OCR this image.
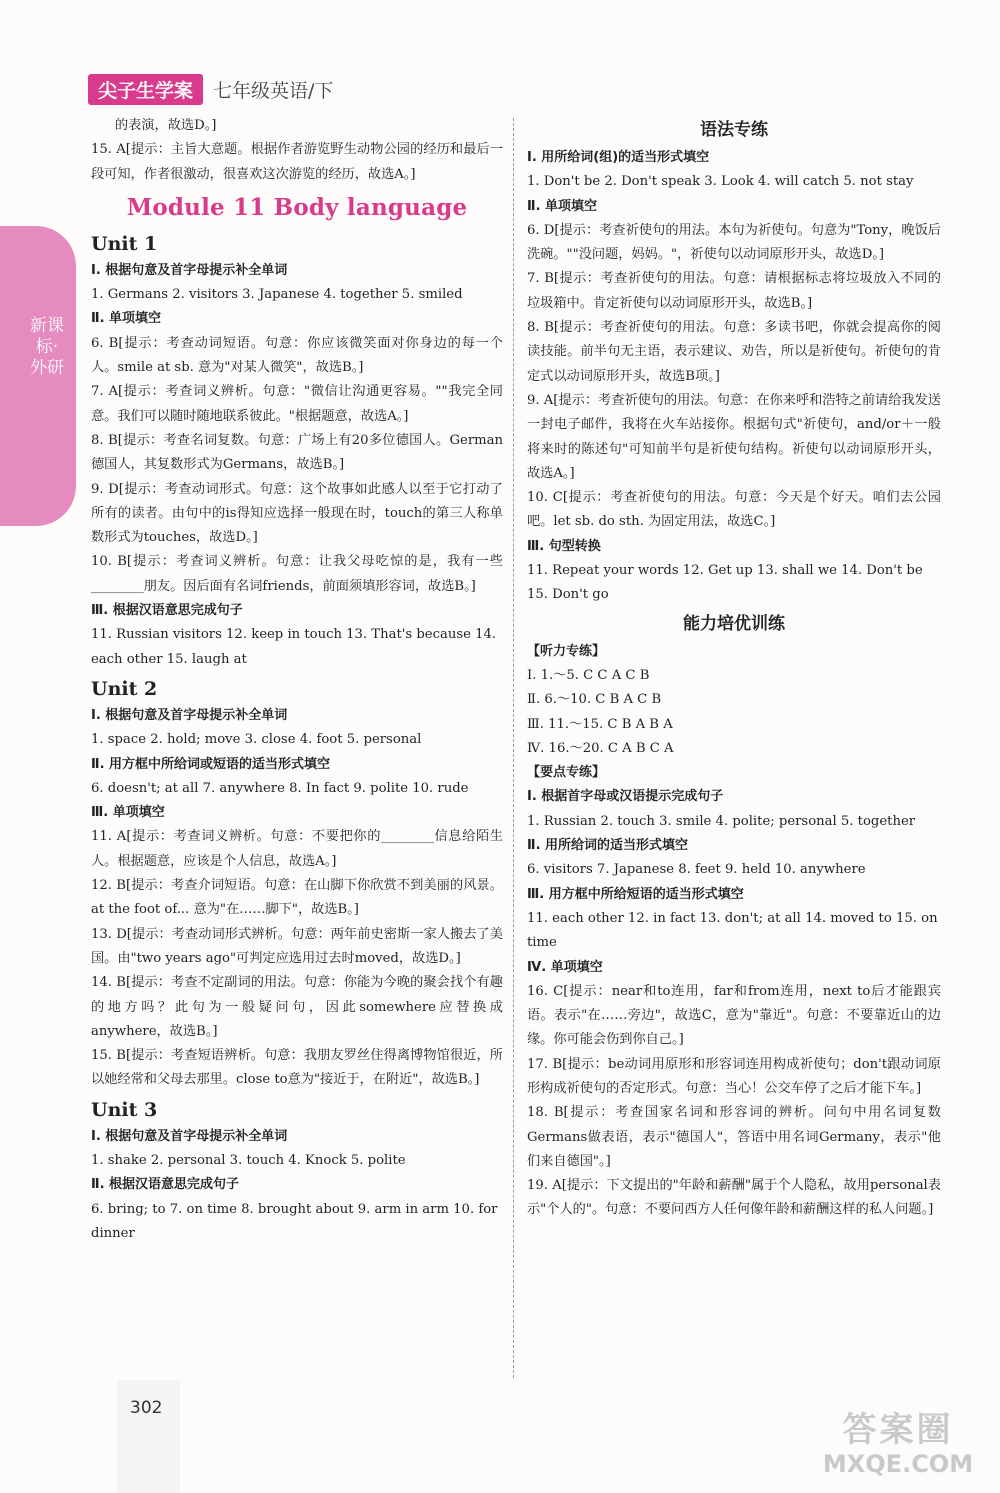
尖子生学案	七年级英语/下
新课标·外研

的表演，故选D。]

15. A[提示：主旨大意题。根据作者游览野生动物公园的经历和最后一段可知，作者很激动，很喜欢这次游览的经历，故选A。]

Module 11 Body language
Unit 1

Ⅰ. 根据句意及首字母提示补全单词

1. Germans 2. visitors 3. Japanese 4. together 5. smiled

Ⅱ. 单项填空

6. B[提示：考查动词短语。句意：你应该微笑面对你身边的每一个人。smile at sb. 意为"对某人微笑"，故选B。]

7. A[提示：考查词义辨析。句意："微信让沟通更容易。""我完全同意。我们可以随时随地联系彼此。"根据题意，故选A。]

8. B[提示：考查名词复数。句意：广场上有20多位德国人。German德国人，其复数形式为Germans，故选B。]

9. D[提示：考查动词形式。句意：这个故事如此感人以至于它打动了所有的读者。由句中的is得知应选择一般现在时，touch的第三人称单数形式为touches，故选D。]

10. B[提示：考查词义辨析。句意：让我父母吃惊的是，我有一些________朋友。因后面有名词friends，前面须填形容词，故选B。]

Ⅲ. 根据汉语意思完成句子

11. Russian visitors 12. keep in touch 13. That's because 14. each other 15. laugh at

Unit 2

Ⅰ. 根据句意及首字母提示补全单词

1. space 2. hold; move 3. close 4. foot 5. personal

Ⅱ. 用方框中所给词或短语的适当形式填空

6. doesn't; at all 7. anywhere 8. In fact 9. polite 10. rude

Ⅲ. 单项填空

11. A[提示：考查词义辨析。句意：不要把你的________信息给陌生人。根据题意，应该是个人信息，故选A。]

12. B[提示：考查介词短语。句意：在山脚下你欣赏不到美丽的风景。at the foot of... 意为"在……脚下"，故选B。]

13. D[提示：考查动词形式辨析。句意：两年前史密斯一家人搬去了美国。由"two years ago"可判定应选用过去时moved，故选D。]

14. B[提示：考查不定副词的用法。句意：你能为今晚的聚会找个有趣的地方吗？此句为一般疑问句，因此somewhere应替换成anywhere，故选B。]

15. B[提示：考查短语辨析。句意：我朋友罗丝住得离博物馆很近，所以她经常和父母去那里。close to意为"接近于，在附近"，故选B。]

Unit 3

Ⅰ. 根据句意及首字母提示补全单词

1. shake 2. personal 3. touch 4. Knock 5. polite

Ⅱ. 根据汉语意思完成句子

6. bring; to 7. on time 8. brought about 9. arm in arm 10. for dinner

语法专练

Ⅰ. 用所给词(组)的适当形式填空

1. Don't be 2. Don't speak 3. Look 4. will catch 5. not stay

Ⅱ. 单项填空

6. D[提示：考查祈使句的用法。本句为祈使句。句意为"Tony，晚饭后洗碗。""没问题，妈妈。"，祈使句以动词原形开头，故选D。]

7. B[提示：考查祈使句的用法。句意：请根据标志将垃圾放入不同的垃圾箱中。肯定祈使句以动词原形开头，故选B。]

8. B[提示：考查祈使句的用法。句意：多读书吧，你就会提高你的阅读技能。前半句无主语，表示建议、劝告，所以是祈使句。祈使句的肯定式以动词原形开头，故选B项。]

9. A[提示：考查祈使句的用法。句意：在你来呼和浩特之前请给我发送一封电子邮件，我将在火车站接你。根据句式"祈使句，and/or＋一般将来时的陈述句"可知前半句是祈使句结构。祈使句以动词原形开头，故选A。]

10. C[提示：考查祈使句的用法。句意：今天是个好天。咱们去公园吧。let sb. do sth. 为固定用法，故选C。]

Ⅲ. 句型转换

11. Repeat your words 12. Get up 13. shall we 14. Don't be 15. Don't go

能力培优训练

【听力专练】

Ⅰ. 1.～5. C C A C B

Ⅱ. 6.～10. C B A C B

Ⅲ. 11.～15. C B A B A

Ⅳ. 16.～20. C A B C A

【要点专练】

Ⅰ. 根据首字母或汉语提示完成句子

1. Russian 2. touch 3. smile 4. polite; personal 5. together

Ⅱ. 用所给词的适当形式填空

6. visitors 7. Japanese 8. feet 9. held 10. anywhere

Ⅲ. 用方框中所给短语的适当形式填空

11. each other 12. in fact 13. don't; at all 14. moved to 15. on time

Ⅳ. 单项填空

16. C[提示：near和to连用，far和from连用，next to后才能跟宾语。表示"在……旁边"，故选C，意为"靠近"。句意：不要靠近山的边缘。你可能会伤到你自己。]

17. B[提示：be动词用原形和形容词连用构成祈使句；don't跟动词原形构成祈使句的否定形式。句意：当心！公交车停了之后才能下车。]

18. B[提示：考查国家名词和形容词的辨析。问句中用名词复数Germans做表语，表示"德国人"，答语中用名词Germany，表示"他们来自德国"。]

19. A[提示：下文提出的"年龄和薪酬"属于个人隐私，故用personal表示"个人的"。句意：不要问西方人任何像年龄和薪酬这样的私人问题。]

302
答案圈
MXQE.COM
